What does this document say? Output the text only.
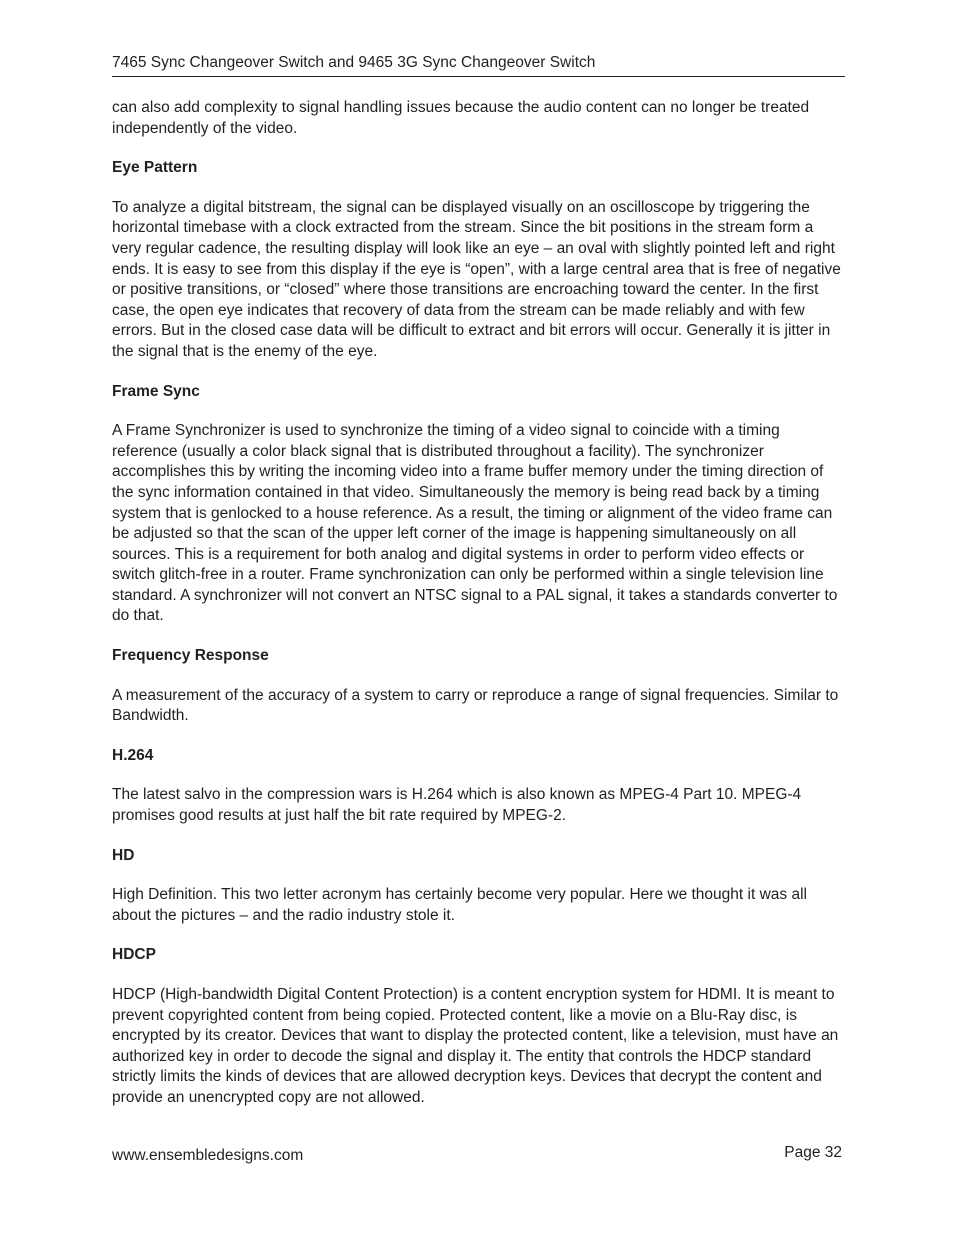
7465 Sync Changeover Switch and 9465 3G Sync Changeover Switch

can also add complexity to signal handling issues because the audio content can no longer be treated independently of the video.

Eye Pattern

To analyze a digital bitstream, the signal can be displayed visually on an oscilloscope by triggering the horizontal timebase with a clock extracted from the stream. Since the bit positions in the stream form a very regular cadence, the resulting display will look like an eye – an oval with slightly pointed left and right ends. It is easy to see from this display if the eye is “open”, with a large central area that is free of negative or positive transitions, or “closed” where those transitions are encroaching toward the center. In the first case, the open eye indicates that recovery of data from the stream can be made reliably and with few errors. But in the closed case data will be difficult to extract and bit errors will occur. Generally it is jitter in the signal that is the enemy of the eye.

Frame Sync

A Frame Synchronizer is used to synchronize the timing of a video signal to coincide with a timing reference (usually a color black signal that is distributed throughout a facility). The synchronizer accomplishes this by writing the incoming video into a frame buffer memory under the timing direction of the sync information contained in that video. Simultaneously the memory is being read back by a timing system that is genlocked to a house reference. As a result, the timing or alignment of the video frame can be adjusted so that the scan of the upper left corner of the image is happening simultaneously on all sources. This is a requirement for both analog and digital systems in order to perform video effects or switch glitch-free in a router. Frame synchronization can only be performed within a single television line standard. A synchronizer will not convert an NTSC signal to a PAL signal, it takes a standards converter to do that.

Frequency Response

A measurement of the accuracy of a system to carry or reproduce a range of signal frequencies. Similar to Bandwidth.

H.264

The latest salvo in the compression wars is H.264 which is also known as MPEG-4 Part 10. MPEG-4 promises good results at just half the bit rate required by MPEG-2.

HD

High Definition. This two letter acronym has certainly become very popular. Here we thought it was all about the pictures – and the radio industry stole it.

HDCP

HDCP (High-bandwidth Digital Content Protection) is a content encryption system for HDMI. It is meant to prevent copyrighted content from being copied. Protected content, like a movie on a Blu-Ray disc, is encrypted by its creator. Devices that want to display the protected content, like a television, must have an authorized key in order to decode the signal and display it. The entity that controls the HDCP standard strictly limits the kinds of devices that are allowed decryption keys. Devices that decrypt the content and provide an unencrypted copy are not allowed.

www.ensembledesigns.com	Page 32
